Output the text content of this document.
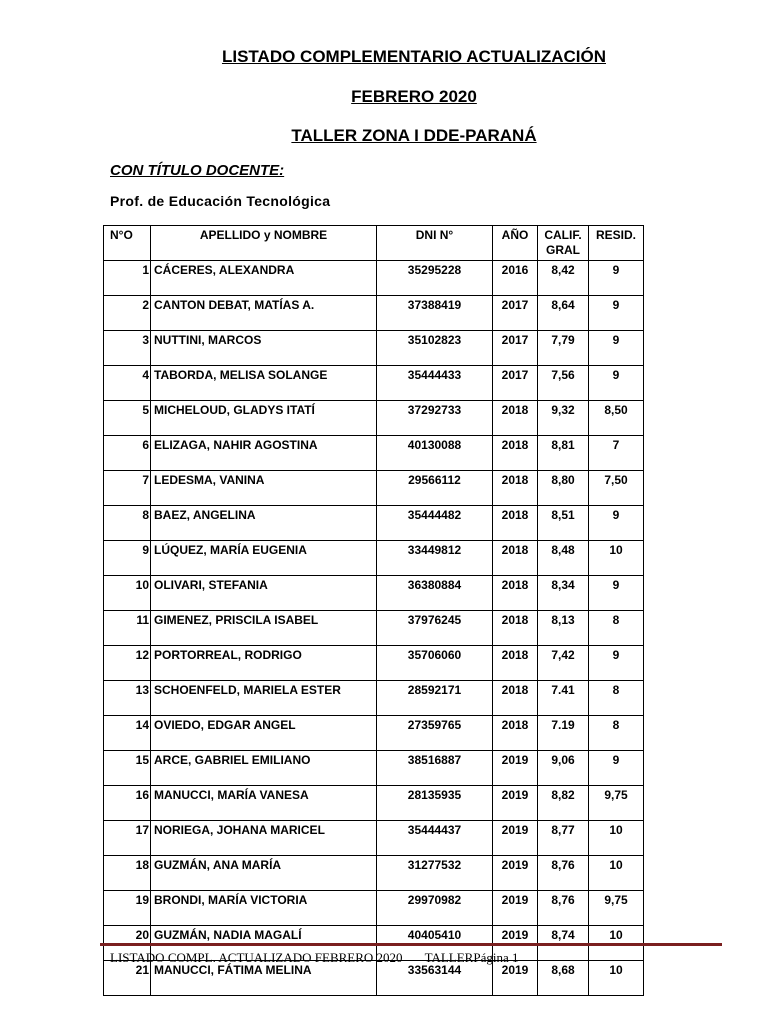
LISTADO COMPLEMENTARIO ACTUALIZACIÓN
FEBRERO 2020
TALLER ZONA I DDE-PARANÁ
CON TÍTULO DOCENTE:
Prof. de Educación Tecnológica
N°O	APELLIDO y NOMBRE	DNI N°	AÑO	CALIF. GRAL	RESID.
1	CÁCERES, ALEXANDRA	35295228	2016	8,42	9
2	CANTON DEBAT, MATÍAS A.	37388419	2017	8,64	9
3	NUTTINI, MARCOS	35102823	2017	7,79	9
4	TABORDA, MELISA SOLANGE	35444433	2017	7,56	9
5	MICHELOUD, GLADYS ITATÍ	37292733	2018	9,32	8,50
6	ELIZAGA, NAHIR AGOSTINA	40130088	2018	8,81	7
7	LEDESMA, VANINA	29566112	2018	8,80	7,50
8	BAEZ, ANGELINA	35444482	2018	8,51	9
9	LÚQUEZ, MARÍA EUGENIA	33449812	2018	8,48	10
10	OLIVARI, STEFANIA	36380884	2018	8,34	9
11	GIMENEZ, PRISCILA ISABEL	37976245	2018	8,13	8
12	PORTORREAL, RODRIGO	35706060	2018	7,42	9
13	SCHOENFELD, MARIELA ESTER	28592171	2018	7.41	8
14	OVIEDO, EDGAR ANGEL	27359765	2018	7.19	8
15	ARCE, GABRIEL EMILIANO	38516887	2019	9,06	9
16	MANUCCI, MARÍA VANESA	28135935	2019	8,82	9,75
17	NORIEGA, JOHANA MARICEL	35444437	2019	8,77	10
18	GUZMÁN, ANA MARÍA	31277532	2019	8,76	10
19	BRONDI, MARÍA VICTORIA	29970982	2019	8,76	9,75
20	GUZMÁN, NADIA MAGALÍ	40405410	2019	8,74	10
21	MANUCCI, FÁTIMA MELINA	33563144	2019	8,68	10
LISTADO COMPL. ACTUALIZADO FEBRERO 2020 TALLERPágina 1
